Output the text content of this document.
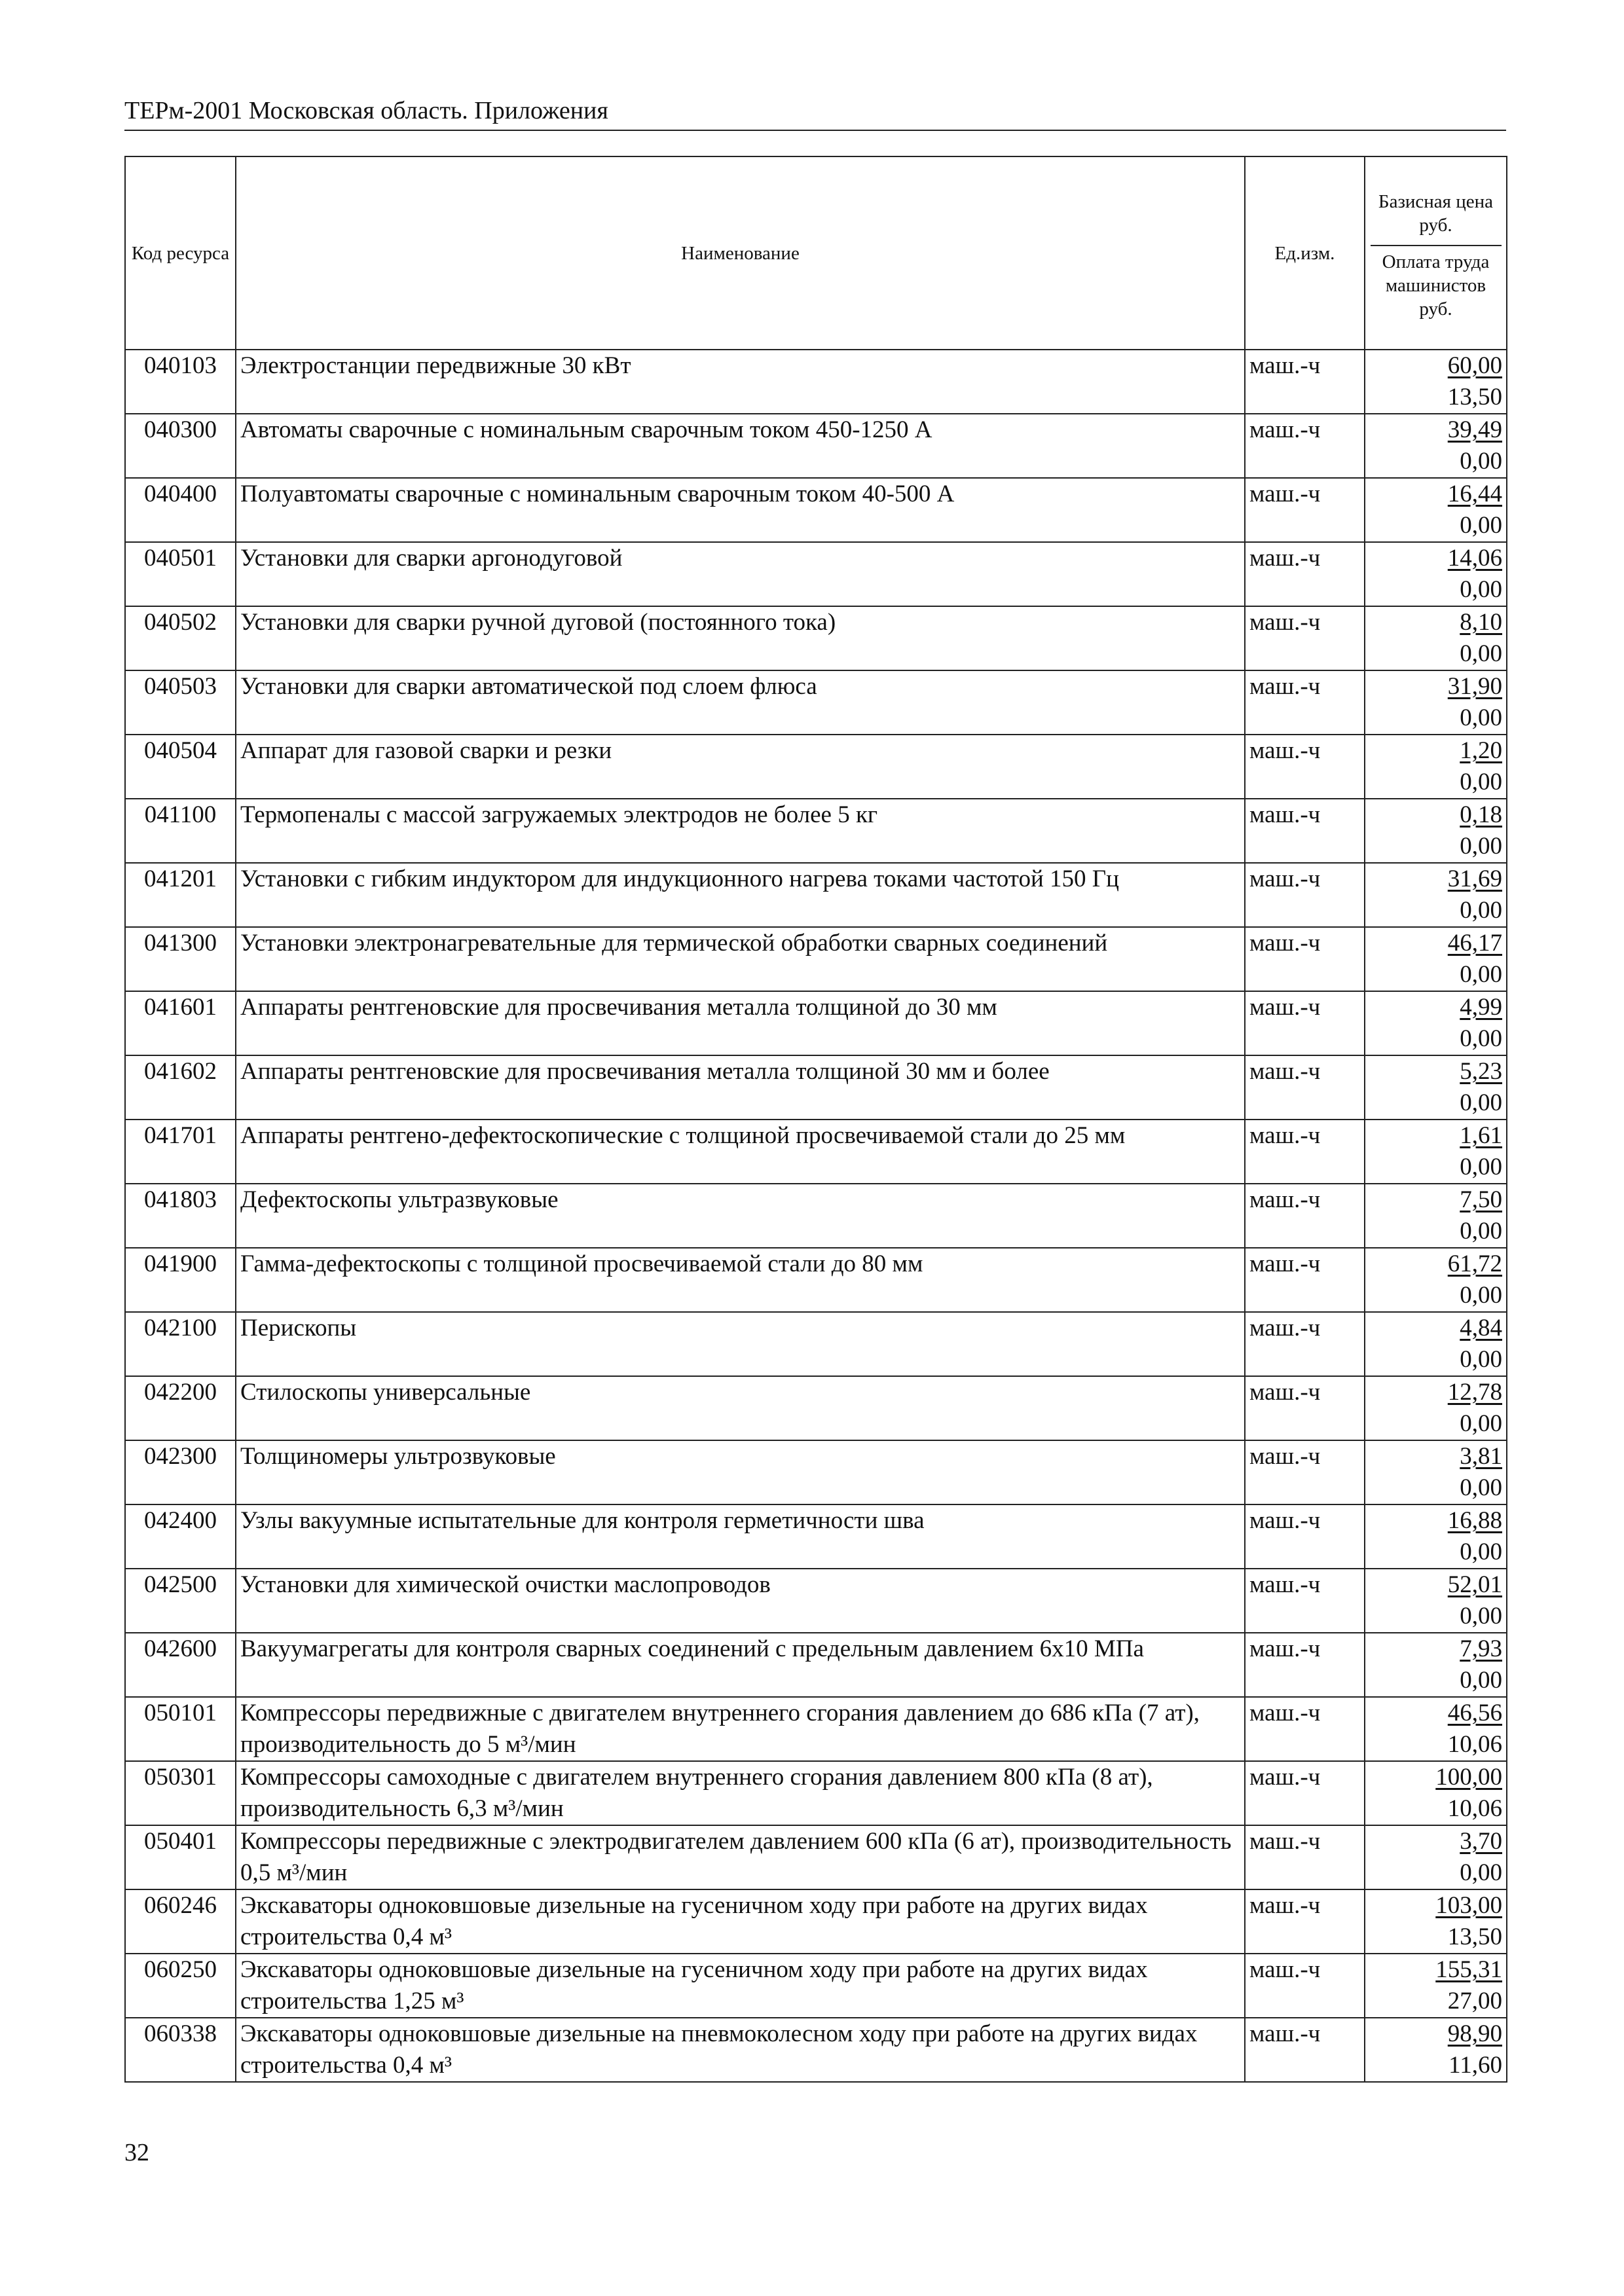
ТЕРм-2001 Московская область. Приложения
Код ресурса	Наименование	Ед.изм.	Базисная цена руб.
Оплата труда машинистов руб.

040103	Электростанции передвижные 30 кВт	маш.-ч	60,00
13,50

040300	Автоматы сварочные с номинальным сварочным током 450-1250 А	маш.-ч	39,49
0,00

040400	Полуавтоматы сварочные с номинальным сварочным током 40-500 А	маш.-ч	16,44
0,00

040501	Установки для сварки аргонодуговой	маш.-ч	14,06
0,00

040502	Установки для сварки ручной дуговой (постоянного тока)	маш.-ч	8,10
0,00

040503	Установки для сварки автоматической под слоем флюса	маш.-ч	31,90
0,00

040504	Аппарат для газовой сварки и резки	маш.-ч	1,20
0,00

041100	Термопеналы с массой загружаемых электродов не более 5 кг	маш.-ч	0,18
0,00

041201	Установки с гибким индуктором для индукционного нагрева токами частотой 150 Гц	маш.-ч	31,69
0,00

041300	Установки электронагревательные для термической обработки сварных соединений	маш.-ч	46,17
0,00

041601	Аппараты рентгеновские для просвечивания металла толщиной до 30 мм	маш.-ч	4,99
0,00

041602	Аппараты рентгеновские для просвечивания металла толщиной 30 мм и более	маш.-ч	5,23
0,00

041701	Аппараты рентгено-дефектоскопические с толщиной просвечиваемой стали до 25 мм	маш.-ч	1,61
0,00

041803	Дефектоскопы ультразвуковые	маш.-ч	7,50
0,00

041900	Гамма-дефектоскопы с толщиной просвечиваемой стали до 80 мм	маш.-ч	61,72
0,00

042100	Перископы	маш.-ч	4,84
0,00

042200	Стилоскопы универсальные	маш.-ч	12,78
0,00

042300	Толщиномеры ультрозвуковые	маш.-ч	3,81
0,00

042400	Узлы вакуумные испытательные для контроля герметичности шва	маш.-ч	16,88
0,00

042500	Установки для химической очистки маслопроводов	маш.-ч	52,01
0,00

042600	Вакуумагрегаты для контроля сварных соединений с предельным давлением 6х10 МПа	маш.-ч	7,93
0,00

050101	Компрессоры передвижные с двигателем внутреннего сгорания давлением до 686 кПа (7 ат), производительность до 5 м³/мин	маш.-ч	46,56
10,06

050301	Компрессоры самоходные с двигателем внутреннего сгорания давлением 800 кПа (8 ат), производительность 6,3 м³/мин	маш.-ч	100,00
10,06

050401	Компрессоры передвижные с электродвигателем давлением 600 кПа (6 ат), производительность 0,5 м³/мин	маш.-ч	3,70
0,00

060246	Экскаваторы одноковшовые дизельные на гусеничном ходу при работе на других видах строительства 0,4 м³	маш.-ч	103,00
13,50

060250	Экскаваторы одноковшовые дизельные на гусеничном ходу при работе на других видах строительства 1,25 м³	маш.-ч	155,31
27,00

060338	Экскаваторы одноковшовые дизельные на пневмоколесном ходу при работе на других видах строительства 0,4 м³	маш.-ч	98,90
11,60
32
